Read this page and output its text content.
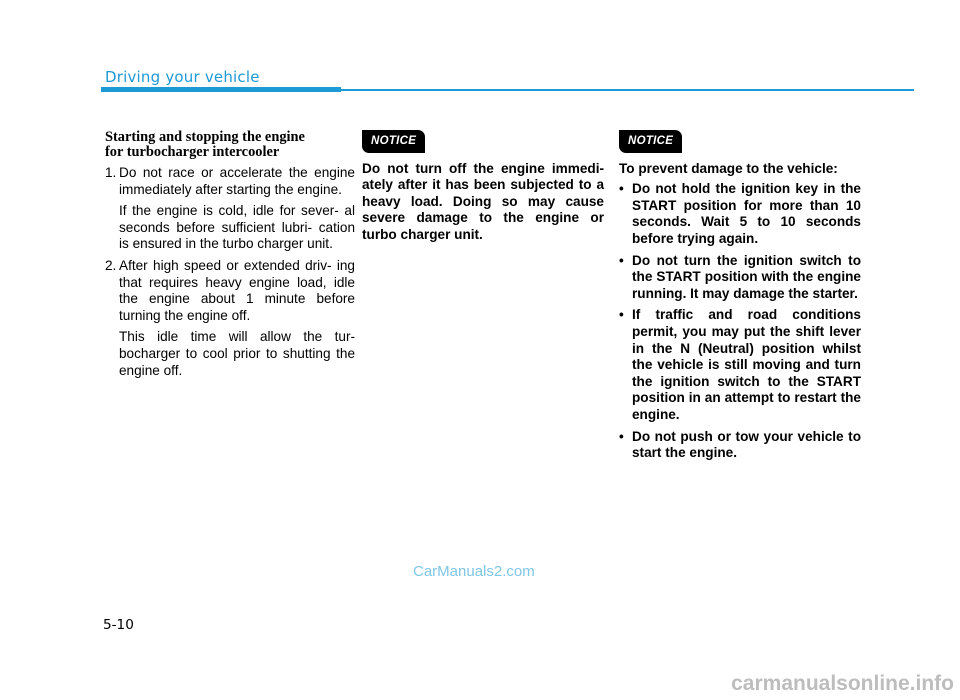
Driving your vehicle
Starting and stopping the engine
for turbocharger intercooler
1. Do not race or accelerate the engine immediately after starting the engine.

If the engine is cold, idle for sever- al seconds before sufficient lubri- cation is ensured in the turbo charger unit.

2. After high speed or extended driv- ing that requires heavy engine load, idle the engine about 1 minute before turning the engine off.

This idle time will allow the tur- bocharger to cool prior to shutting the engine off.

NOTICE

Do not turn off the engine immedi- ately after it has been subjected to a heavy load. Doing so may cause severe damage to the engine or turbo charger unit.

NOTICE

To prevent damage to the vehicle:

• Do not hold the ignition key in the START position for more than 10 seconds. Wait 5 to 10 seconds before trying again.
• Do not turn the ignition switch to the START position with the engine running. It may damage the starter.
• If traffic and road conditions permit, you may put the shift lever in the N (Neutral) position whilst the vehicle is still moving and turn the ignition switch to the START position in an attempt to restart the engine.
• Do not push or tow your vehicle to start the engine.
CarManuals2.com
5-10
carmanualsonline.info
